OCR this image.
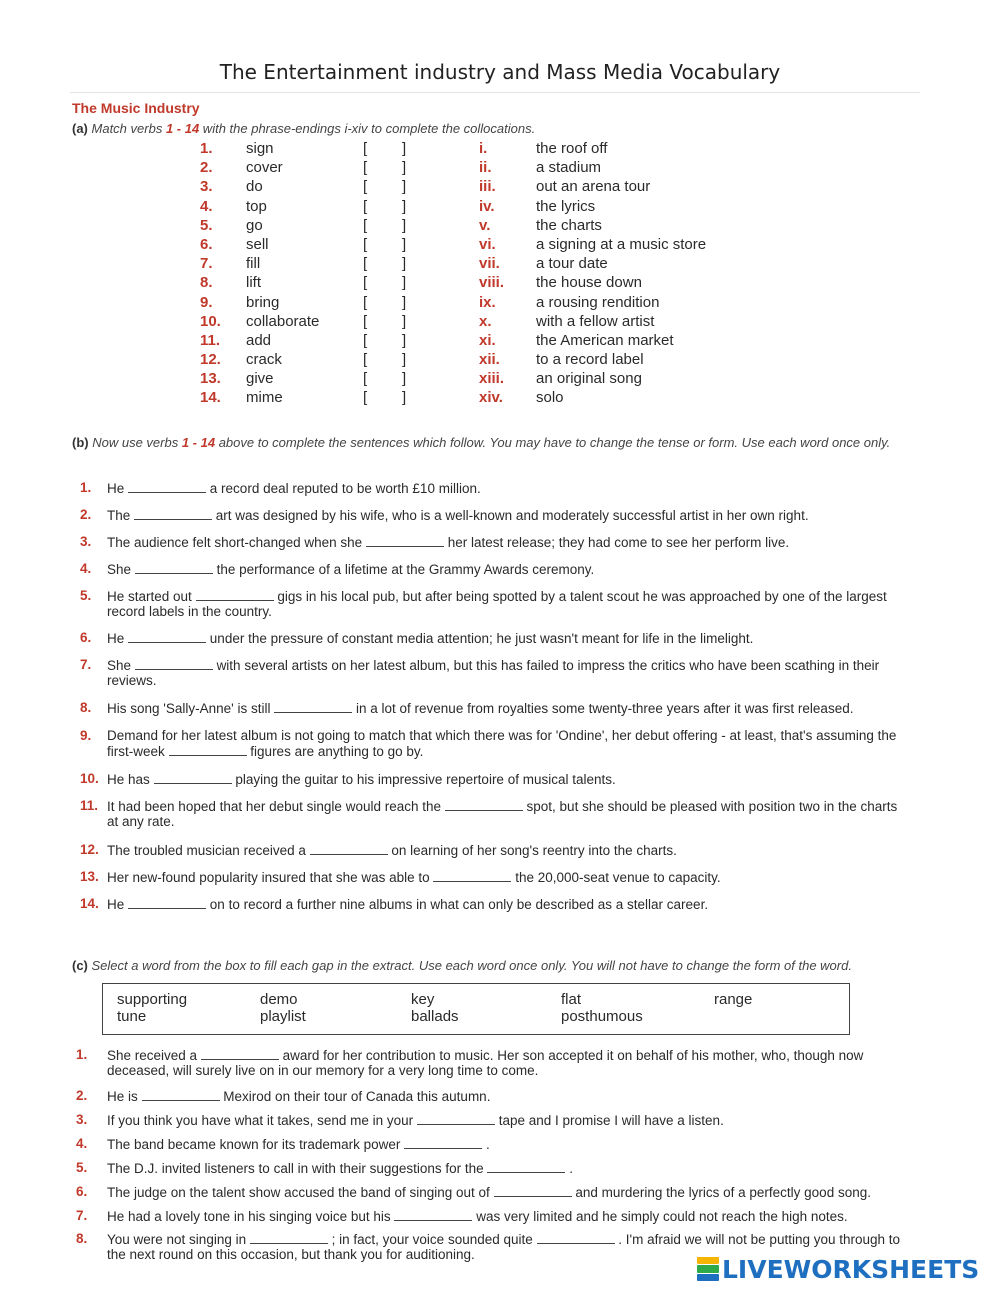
The Entertainment industry and Mass Media Vocabulary
The Music Industry
(a) Match verbs 1 - 14 with the phrase-endings i-xiv to complete the collocations.
1.	sign	[ ]	i.	the roof off
2.	cover	[ ]	ii.	a stadium
3.	do	[ ]	iii.	out an arena tour
4.	top	[ ]	iv.	the lyrics
5.	go	[ ]	v.	the charts
6.	sell	[ ]	vi.	a signing at a music store
7.	fill	[ ]	vii. a tour date
8.	lift	[ ]	viii. the house down
9.	bring	[ ]	ix.	a rousing rendition
10.	collaborate	[ ]	x.	with a fellow artist
11.	add	[ ]	xi.	the American market
12.	crack	[ ]	xii. to a record label
13.	give	[ ]	xiii. an original song
14.	mime	[ ]	xiv. solo
(b) Now use verbs 1 - 14 above to complete the sentences which follow. You may have to change the tense or form. Use each word once only.
1.	He	a record deal reputed to be worth £10 million.
2.	The	art was designed by his wife, who is a well-known and moderately successful artist in her own right.
3.	The audience felt short-changed when she	her latest release; they had come to see her perform live.
4.	She	the performance of a lifetime at the Grammy Awards ceremony.
5.	He started out	gigs in his local pub, but after being spotted by a talent scout he was approached by one of the largest record labels in the country.
6.	He	under the pressure of constant media attention; he just wasn't meant for life in the limelight.
7.	She	with several artists on her latest album, but this has failed to impress the critics who have been scathing in their reviews.
8.	His song 'Sally-Anne' is still	in a lot of revenue from royalties some twenty-three years after it was first released.
9.	Demand for her latest album is not going to match that which there was for 'Ondine', her debut offering - at least, that's assuming the first-week	figures are anything to go by.
10. He has	playing the guitar to his impressive repertoire of musical talents.
11. It had been hoped that her debut single would reach the	spot, but she should be pleased with position two in the charts at any rate.
12. The troubled musician received a	on learning of her song's reentry into the charts.
13. Her new-found popularity insured that she was able to	the 20,000-seat venue to capacity.
14. He	on to record a further nine albums in what can only be described as a stellar career.
(c) Select a word from the box to fill each gap in the extract. Use each word once only. You will not have to change the form of the word.
supporting	demo	key	flat	range
tune	playlist	ballads	posthumous
1.	She received a	award for her contribution to music. Her son accepted it on behalf of his mother, who, though now deceased, will surely live on in our memory for a very long time to come.
2.	He is	Mexirod on their tour of Canada this autumn.
3.	If you think you have what it takes, send me in your	tape and I promise I will have a listen.
4.	The band became known for its trademark power	.
5.	The D.J. invited listeners to call in with their suggestions for the	.
6.	The judge on the talent show accused the band of singing out of	and murdering the lyrics of a perfectly good song.
7.	He had a lovely tone in his singing voice but his	was very limited and he simply could not reach the high notes.
8.	You were not singing in	; in fact, your voice sounded quite	. I'm afraid we will not be putting you through to the next round on this occasion, but thank you for auditioning.	LIVEWORKSHEETS
